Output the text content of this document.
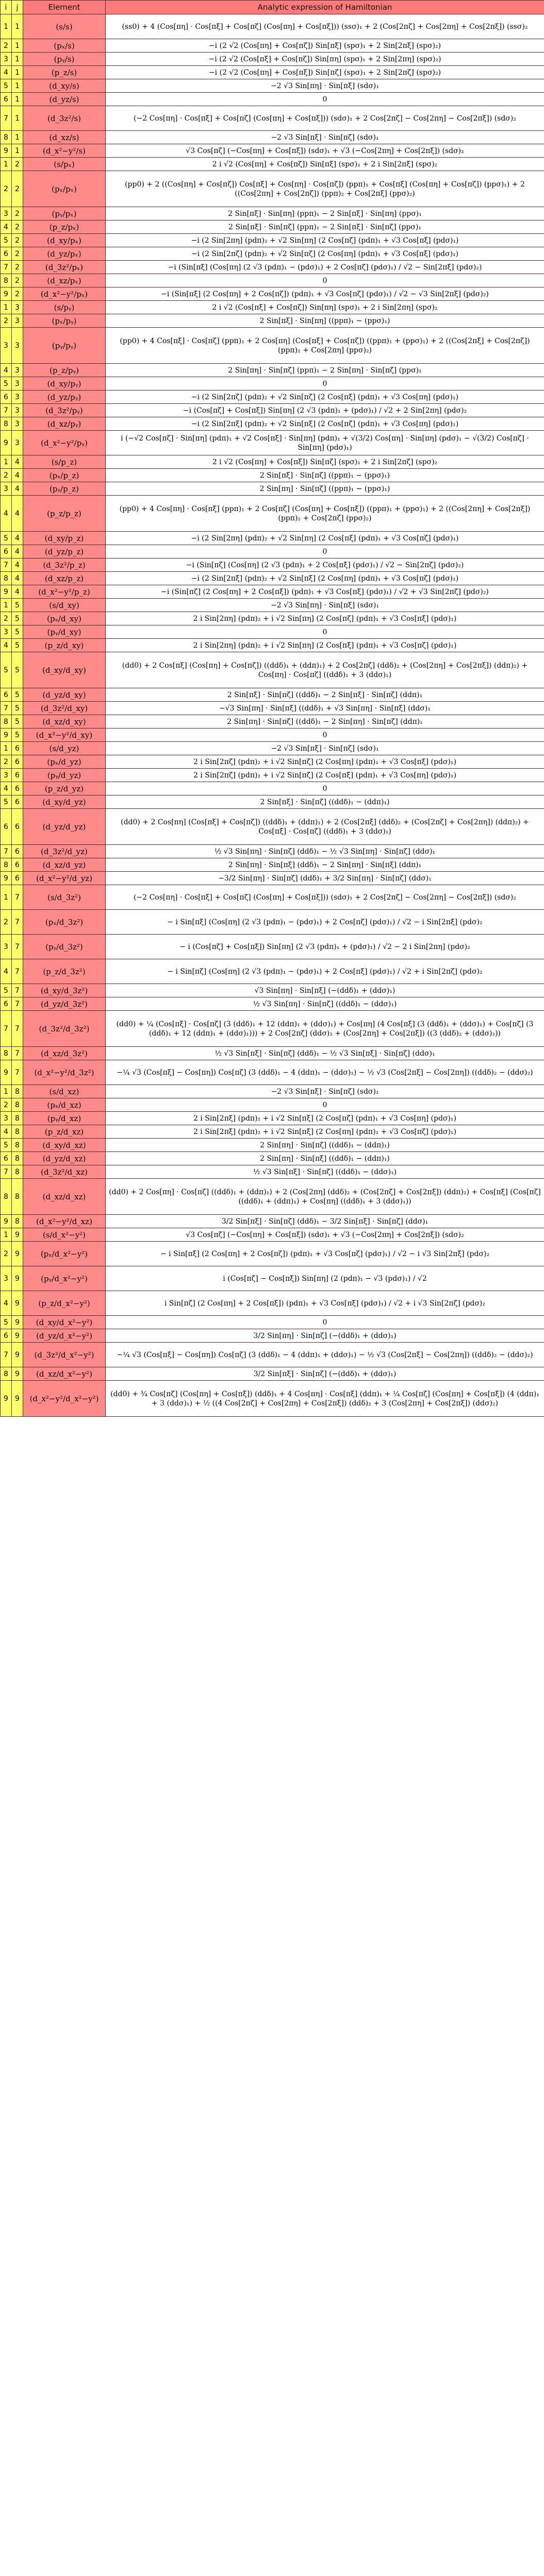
i	j	Element	Analytic expression of Hamiltonian
1	1	(s/s)	(ss0) + 4 (Cos[πη] · Cos[πξ] + Cos[πζ] (Cos[πη] + Cos[πξ])) (ssσ)₁ + 2 (Cos[2πζ] + Cos[2πη] + Cos[2πξ]) (ssσ)₂
2	1	(pₓ/s)	−i (2 √2 (Cos[πη] + Cos[πζ]) Sin[πξ] (spσ)₁ + 2 Sin[2πξ] (spσ)₂)
3	1	(pᵧ/s)	−i (2 √2 (Cos[πξ] + Cos[πζ]) Sin[πη] (spσ)₁ + 2 Sin[2πη] (spσ)₂)
4	1	(p_z/s)	−i (2 √2 (Cos[πη] + Cos[πξ]) Sin[πζ] (spσ)₁ + 2 Sin[2πζ] (spσ)₂)
5	1	(d_xy/s)	−2 √3 Sin[πη] · Sin[πξ] (sdσ)₁
6	1	(d_yz/s)	0
7	1	(d_3z²/s)	(−2 Cos[πη] · Cos[πξ] + Cos[πζ] (Cos[πη] + Cos[πξ])) (sdσ)₁ + 2 Cos[2πζ] − Cos[2πη] − Cos[2πξ]) (sdσ)₂
8	1	(d_xz/s)	−2 √3 Sin[πξ] · Sin[πζ] (sdσ)₁
9	1	(d_x²−y²/s)	√3 Cos[πζ] (−Cos[πη] + Cos[πξ]) (sdσ)₁ + √3 (−Cos[2πη] + Cos[2πξ]) (sdσ)₂
1	2	(s/pₓ)	2 i √2 (Cos[πη] + Cos[πζ]) Sin[πξ] (spσ)₁ + 2 i Sin[2πξ] (spσ)₂
2	2	(pₓ/pₓ)	(pp0) + 2 ((Cos[πη] + Cos[πζ]) Cos[πξ] + Cos[πη] · Cos[πζ]) (ppπ)₁ + Cos[πξ] (Cos[πη] + Cos[πζ]) (ppσ)₁) + 2 ((Cos[2πη] + Cos[2πζ]) (ppπ)₂ + Cos[2πξ] (ppσ)₂)
3	2	(pᵧ/pₓ)	2 Sin[πξ] · Sin[πη] (ppπ)₁ − 2 Sin[πξ] · Sin[πη] (ppσ)₁
4	2	(p_z/pₓ)	2 Sin[πξ] · Sin[πζ] (ppπ)₁ − 2 Sin[πξ] · Sin[πζ] (ppσ)₁
5	2	(d_xy/pₓ)	−i (2 Sin[2πη] (pdπ)₂ + √2 Sin[πη] (2 Cos[πζ] (pdπ)₁ + √3 Cos[πξ] (pdσ)₁)
6	2	(d_yz/pₓ)	−i (2 Sin[2πζ] (pdπ)₂ + √2 Sin[πζ] (2 Cos[πη] (pdπ)₁ + √3 Cos[πξ] (pdσ)₁)
7	2	(d_3z²/pₓ)	−i (Sin[πξ] (Cos[πη] (2 √3 (pdπ)₁ − (pdσ)₁) + 2 Cos[πζ] (pdσ)₁) / √2 − Sin[2πξ] (pdσ)₂)
8	2	(d_xz/pₓ)	0
9	2	(d_x²−y²/pₓ)	−i (Sin[πξ] (2 Cos[πη] + 2 Cos[πζ]) (pdπ)₁ + √3 Cos[πζ] (pdσ)₁) / √2 − √3 Sin[2πξ] (pdσ)₂)
1	3	(s/pᵧ)	2 i √2 (Cos[πξ] + Cos[πζ]) Sin[πη] (spσ)₁ + 2 i Sin[2πη] (spσ)₂
2	3	(pₓ/pᵧ)	2 Sin[πξ] · Sin[πη] ((ppπ)₁ − (ppσ)₁)
3	3	(pᵧ/pᵧ)	(pp0) + 4 Cos[πξ] · Cos[πζ] (ppπ)₁ + 2 Cos[πη] (Cos[πξ] + Cos[πζ]) ((ppπ)₁ + (ppσ)₁) + 2 ((Cos[2πξ] + Cos[2πζ]) (ppπ)₂ + Cos[2πη] (ppσ)₂)
4	3	(p_z/pᵧ)	2 Sin[πη] · Sin[πζ] (ppπ)₁ − 2 Sin[πη] · Sin[πζ] (ppσ)₁
5	3	(d_xy/pᵧ)	0
6	3	(d_yz/pᵧ)	−i (2 Sin[2πζ] (pdπ)₂ + √2 Sin[πζ] (2 Cos[πξ] (pdπ)₁ + √3 Cos[πη] (pdσ)₁)
7	3	(d_3z²/pᵧ)	−i (Cos[πζ] + Cos[πξ]) Sin[πη] (2 √3 (pdπ)₁ + (pdσ)₁) / √2 + 2 Sin[2πη] (pdσ)₂
8	3	(d_xz/pᵧ)	−i (2 Sin[2πξ] (pdπ)₂ + √2 Sin[πξ] (2 Cos[πζ] (pdπ)₁ + √3 Cos[πη] (pdσ)₁)
9	3	(d_x²−y²/pᵧ)	i (−√2 Cos[πζ] · Sin[πη] (pdπ)₁ + √2 Cos[πξ] · Sin[πη] (pdπ)₁ + √(3/2) Cos[πη] · Sin[πη] (pdσ)₁ − √(3/2) Cos[πζ] · Sin[πη] (pdσ)₁)
1	4	(s/p_z)	2 i √2 (Cos[πη] + Cos[πξ]) Sin[πζ] (spσ)₁ + 2 i Sin[2πζ] (spσ)₂
2	4	(pₓ/p_z)	2 Sin[πξ] · Sin[πζ] ((ppπ)₁ − (ppσ)₁)
3	4	(pᵧ/p_z)	2 Sin[πη] · Sin[πζ] ((ppπ)₁ − (ppσ)₁)
4	4	(p_z/p_z)	(pp0) + 4 Cos[πη] · Cos[πξ] (ppπ)₁ + 2 Cos[πζ] (Cos[πη] + Cos[πξ]) ((ppπ)₁ + (ppσ)₁) + 2 ((Cos[2πη] + Cos[2πξ]) (ppπ)₂ + Cos[2πζ] (ppσ)₂)
5	4	(d_xy/p_z)	−i (2 Sin[2πη] (pdπ)₂ + √2 Sin[πη] (2 Cos[πξ] (pdπ)₁ + √3 Cos[πζ] (pdσ)₁)
6	4	(d_yz/p_z)	0
7	4	(d_3z²/p_z)	−i (Sin[πζ] (Cos[πη] (2 √3 (pdπ)₁ + 2 Cos[πξ] (pdσ)₁) / √2 − Sin[2πζ] (pdσ)₂)
8	4	(d_xz/p_z)	−i (2 Sin[2πξ] (pdπ)₂ + √2 Sin[πξ] (2 Cos[πη] (pdπ)₁ + √3 Cos[πζ] (pdσ)₁)
9	4	(d_x²−y²/p_z)	−i (Sin[πζ] (2 Cos[πη] + 2 Cos[πξ]) (pdπ)₁ + √3 Cos[πξ] (pdσ)₁) / √2 + √3 Sin[2πζ] (pdσ)₂)
1	5	(s/d_xy)	−2 √3 Sin[πη] · Sin[πξ] (sdσ)₁
2	5	(pₓ/d_xy)	2 i Sin[2πη] (pdπ)₂ + i √2 Sin[πη] (2 Cos[πζ] (pdπ)₁ + √3 Cos[πξ] (pdσ)₁)
3	5	(pᵧ/d_xy)	0
4	5	(p_z/d_xy)	2 i Sin[2πη] (pdπ)₂ + i √2 Sin[πη] (2 Cos[πξ] (pdπ)₁ + √3 Cos[πζ] (pdσ)₁)
5	5	(d_xy/d_xy)	(dd0) + 2 Cos[πξ] (Cos[πη] + Cos[πζ]) ((ddδ)₁ + (ddπ)₁) + 2 Cos[2πζ] (ddδ)₂ + (Cos[2πη] + Cos[2πξ]) (ddπ)₂) + Cos[πη] · Cos[πζ] ((ddδ)₁ + 3 (ddσ)₁)
6	5	(d_yz/d_xy)	2 Sin[πξ] · Sin[πζ] ((ddδ)₁ − 2 Sin[πξ] · Sin[πζ] (ddπ)₁
7	5	(d_3z²/d_xy)	−√3 Sin[πη] · Sin[πξ] ((ddδ)₁ + √3 Sin[πη] · Sin[πξ] (ddσ)₁
8	5	(d_xz/d_xy)	2 Sin[πη] · Sin[πζ] ((ddδ)₁ − 2 Sin[πη] · Sin[πζ] (ddπ)₁
9	5	(d_x²−y²/d_xy)	0
1	6	(s/d_yz)	−2 √3 Sin[πξ] · Sin[πζ] (sdσ)₁
2	6	(pₓ/d_yz)	2 i Sin[2πζ] (pdπ)₂ + i √2 Sin[πζ] (2 Cos[πη] (pdπ)₁ + √3 Cos[πξ] (pdσ)₁)
3	6	(pᵧ/d_yz)	2 i Sin[2πζ] (pdπ)₂ + i √2 Sin[πζ] (2 Cos[πξ] (pdπ)₁ + √3 Cos[πη] (pdσ)₁)
4	6	(p_z/d_yz)	0
5	6	(d_xy/d_yz)	2 Sin[πξ] · Sin[πζ] ((ddδ)₁ − (ddπ)₁)
6	6	(d_yz/d_yz)	(dd0) + 2 Cos[πη] (Cos[πξ] + Cos[πζ]) ((ddδ)₁ + (ddπ)₁) + 2 (Cos[2πξ] (ddδ)₂ + (Cos[2πζ] + Cos[2πη]) (ddπ)₂) + Cos[πξ] · Cos[πζ] ((ddδ)₁ + 3 (ddσ)₁)
7	6	(d_3z²/d_yz)	½ √3 Sin[πη] · Sin[πζ] (ddδ)₁ − ½ √3 Sin[πη] · Sin[πζ] (ddσ)₁
8	6	(d_xz/d_yz)	2 Sin[πη] · Sin[πξ] (ddδ)₁ − 2 Sin[πη] · Sin[πξ] (ddπ)₁
9	6	(d_x²−y²/d_yz)	−3/2 Sin[πη] · Sin[πζ] (ddδ)₁ + 3/2 Sin[πη] · Sin[πζ] (ddσ)₁
1	7	(s/d_3z²)	(−2 Cos[πη] · Cos[πξ] + Cos[πζ] (Cos[πη] + Cos[πξ])) (sdσ)₁ + 2 Cos[2πζ] − Cos[2πη] − Cos[2πξ]) (sdσ)₂
2	7	(pₓ/d_3z²)	− i Sin[πξ] (Cos[πη] (2 √3 (pdπ)₁ − (pdσ)₁) + 2 Cos[πζ] (pdσ)₁) / √2 − i Sin[2πξ] (pdσ)₂
3	7	(pᵧ/d_3z²)	− i (Cos[πζ] + Cos[πξ]) Sin[πη] (2 √3 (pdπ)₁ + (pdσ)₁) / √2 − 2 i Sin[2πη] (pdσ)₂
4	7	(p_z/d_3z²)	− i Sin[πζ] (Cos[πη] (2 √3 (pdπ)₁ − (pdσ)₁) + 2 Cos[πξ] (pdσ)₁) / √2 + i Sin[2πζ] (pdσ)₂
5	7	(d_xy/d_3z²)	√3 Sin[πη] · Sin[πξ] (−(ddδ)₁ + (ddσ)₁)
6	7	(d_yz/d_3z²)	½ √3 Sin[πη] · Sin[πζ] ((ddδ)₁ − (ddσ)₁)
7	7	(d_3z²/d_3z²)	(dd0) + ¼ (Cos[πξ] · Cos[πζ] (3 (ddδ)₁ + 12 (ddπ)₁ + (ddσ)₁) + Cos[πη] (4 Cos[πξ] (3 (ddδ)₁ + (ddσ)₁) + Cos[πζ] (3 (ddδ)₁ + 12 (ddπ)₁ + (ddσ)₁))) + 2 Cos[2πζ] (ddσ)₂ + (Cos[2πη] + Cos[2πξ]) ((3 (ddδ)₂ + (ddσ)₂))
8	7	(d_xz/d_3z²)	½ √3 Sin[πξ] · Sin[πζ] (ddδ)₁ − ½ √3 Sin[πξ] · Sin[πζ] (ddσ)₁
9	7	(d_x²−y²/d_3z²)	−¼ √3 (Cos[πξ] − Cos[πη]) Cos[πζ] (3 (ddδ)₁ − 4 (ddπ)₁ − (ddσ)₁) − ½ √3 (Cos[2πξ] − Cos[2πη]) ((ddδ)₂ − (ddσ)₂)
1	8	(s/d_xz)	−2 √3 Sin[πξ] · Sin[πζ] (sdσ)₁
2	8	(pₓ/d_xz)	0
3	8	(pᵧ/d_xz)	2 i Sin[2πξ] (pdπ)₂ + i √2 Sin[πξ] (2 Cos[πζ] (pdπ)₁ + √3 Cos[πη] (pdσ)₁)
4	8	(p_z/d_xz)	2 i Sin[2πξ] (pdπ)₂ + i √2 Sin[πξ] (2 Cos[πη] (pdπ)₁ + √3 Cos[πζ] (pdσ)₁)
5	8	(d_xy/d_xz)	2 Sin[πη] · Sin[πζ] ((ddδ)₁ − (ddπ)₁)
6	8	(d_yz/d_xz)	2 Sin[πη] · Sin[πξ] ((ddδ)₁ − (ddπ)₁)
7	8	(d_3z²/d_xz)	½ √3 Sin[πξ] · Sin[πζ] ((ddδ)₁ − (ddσ)₁)
8	8	(d_xz/d_xz)	(dd0) + 2 Cos[πη] · Cos[πζ] ((ddδ)₁ + (ddπ)₁) + 2 (Cos[2πη] (ddδ)₂ + (Cos[2πζ] + Cos[2πξ]) (ddπ)₂) + Cos[πξ] (Cos[πζ] ((ddδ)₁ + (ddπ)₁) + Cos[πη] ((ddδ)₁ + 3 (ddσ)₁))
9	8	(d_x²−y²/d_xz)	3/2 Sin[πξ] · Sin[πζ] (ddδ)₁ − 3/2 Sin[πξ] · Sin[πζ] (ddσ)₁
1	9	(s/d_x²−y²)	√3 Cos[πζ] (−Cos[πη] + Cos[πξ]) (sdσ)₁ + √3 (−Cos[2πη] + Cos[2πξ]) (sdσ)₂
2	9	(pₓ/d_x²−y²)	− i Sin[πξ] (2 Cos[πη] + 2 Cos[πζ]) (pdπ)₁ + √3 Cos[πζ] (pdσ)₁) / √2 − i √3 Sin[2πξ] (pdσ)₂
3	9	(pᵧ/d_x²−y²)	i (Cos[πζ] − Cos[πξ]) Sin[πη] (2 (pdπ)₁ − √3 (pdσ)₁) / √2
4	9	(p_z/d_x²−y²)	i Sin[πζ] (2 Cos[πη] + 2 Cos[πξ]) (pdπ)₁ + √3 Cos[πξ] (pdσ)₁) / √2 + i √3 Sin[2πζ] (pdσ)₂
5	9	(d_xy/d_x²−y²)	0
6	9	(d_yz/d_x²−y²)	3/2 Sin[πη] · Sin[πζ] (−(ddδ)₁ + (ddσ)₁)
7	9	(d_3z²/d_x²−y²)	−¼ √3 (Cos[πξ] − Cos[πη]) Cos[πζ] (3 (ddδ)₁ − 4 (ddπ)₁ + (ddσ)₁) − ½ √3 (Cos[2πξ] − Cos[2πη]) ((ddδ)₂ − (ddσ)₂)
8	9	(d_xz/d_x²−y²)	3/2 Sin[πξ] · Sin[πζ] (−(ddδ)₁ + (ddσ)₁)
9	9	(d_x²−y²/d_x²−y²)	(dd0) + ¾ Cos[πζ] (Cos[πη] + Cos[πξ]) (ddδ)₁ + 4 Cos[πη] · Cos[πξ] (ddπ)₁ + ¼ Cos[πζ] (Cos[πη] + Cos[πξ]) (4 (ddπ)₁ + 3 (ddσ)₁) + ½ ((4 Cos[2πζ] + Cos[2πη] + Cos[2πξ]) (ddδ)₂ + 3 (Cos[2πη] + Cos[2πξ]) (ddσ)₂)
